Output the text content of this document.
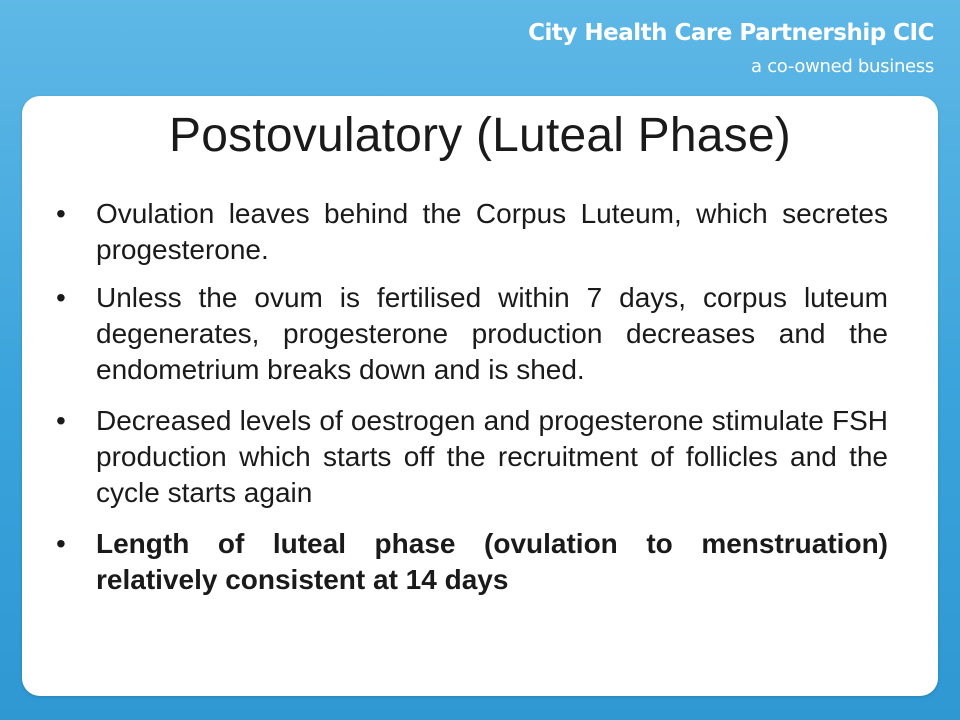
City Health Care Partnership CIC
a co-owned business
Postovulatory (Luteal Phase)
•	Ovulation leaves behind the Corpus Luteum, which secretes progesterone.
•	Unless the ovum is fertilised within 7 days, corpus luteum degenerates, progesterone production decreases and the endometrium breaks down and is shed.
•	Decreased levels of oestrogen and progesterone stimulate FSH production which starts off the recruitment of follicles and the cycle starts again
•	Length of luteal phase (ovulation to menstruation) relatively consistent at 14 days
